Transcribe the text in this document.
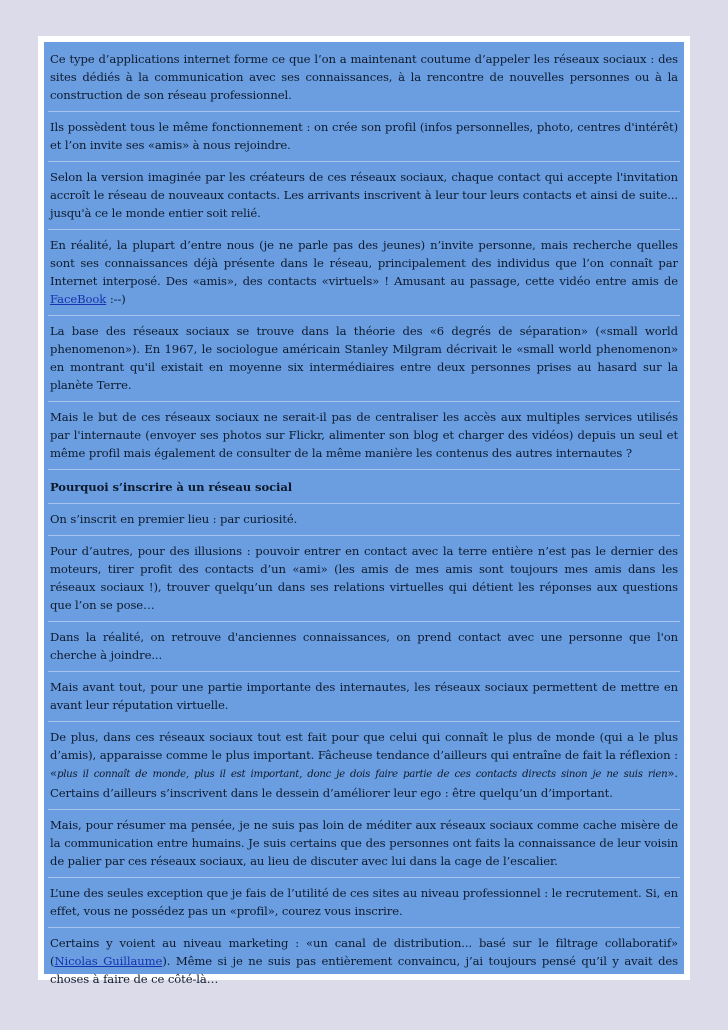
Ce type d’applications internet forme ce que l’on a maintenant coutume d’appeler les réseaux sociaux : des sites dédiés à la communication avec ses connaissances, à la rencontre de nouvelles personnes ou à la construction de son réseau professionnel.

Ils possèdent tous le même fonctionnement : on crée son profil (infos personnelles, photo, centres d'intérêt) et l’on invite ses «amis» à nous rejoindre.

Selon la version imaginée par les créateurs de ces réseaux sociaux, chaque contact qui accepte l'invitation accroît le réseau de nouveaux contacts. Les arrivants inscrivent à leur tour leurs contacts et ainsi de suite... jusqu'à ce le monde entier soit relié.

En réalité, la plupart d’entre nous (je ne parle pas des jeunes) n’invite personne, mais recherche quelles sont ses connaissances déjà présente dans le réseau, principalement des individus que l’on connaît par Internet interposé. Des «amis», des contacts «virtuels» ! Amusant au passage, cette vidéo entre amis de FaceBook :--)

La base des réseaux sociaux se trouve dans la théorie des «6 degrés de séparation» («small world phenomenon»). En 1967, le sociologue américain Stanley Milgram décrivait le «small world phenomenon» en montrant qu'il existait en moyenne six intermédiaires entre deux personnes prises au hasard sur la planète Terre.

Mais le but de ces réseaux sociaux ne serait-il pas de centraliser les accès aux multiples services utilisés par l'internaute (envoyer ses photos sur Flickr, alimenter son blog et charger des vidéos) depuis un seul et même profil mais également de consulter de la même manière les contenus des autres internautes ?

Pourquoi s’inscrire à un réseau social

On s’inscrit en premier lieu : par curiosité.

Pour d’autres, pour des illusions : pouvoir entrer en contact avec la terre entière n’est pas le dernier des moteurs, tirer profit des contacts d’un «ami» (les amis de mes amis sont toujours mes amis dans les réseaux sociaux !), trouver quelqu’un dans ses relations virtuelles qui détient les réponses aux questions que l’on se pose…

Dans la réalité, on retrouve d'anciennes connaissances, on prend contact avec une personne que l'on cherche à joindre...

Mais avant tout, pour une partie importante des internautes, les réseaux sociaux permettent de mettre en avant leur réputation virtuelle.

De plus, dans ces réseaux sociaux tout est fait pour que celui qui connaît le plus de monde (qui a le plus d’amis), apparaisse comme le plus important. Fâcheuse tendance d’ailleurs qui entraîne de fait la réflexion : «plus il connaît de monde, plus il est important, donc je dois faire partie de ces contacts directs sinon je ne suis rien». Certains d’ailleurs s’inscrivent dans le dessein d’améliorer leur ego : être quelqu’un d’important.

Mais, pour résumer ma pensée, je ne suis pas loin de méditer aux réseaux sociaux comme cache misère de la communication entre humains. Je suis certains que des personnes ont faits la connaissance de leur voisin de palier par ces réseaux sociaux, au lieu de discuter avec lui dans la cage de l’escalier.

L’une des seules exception que je fais de l’utilité de ces sites au niveau professionnel : le recrutement. Si, en effet, vous ne possédez pas un «profil», courez vous inscrire.

Certains y voient au niveau marketing : «un canal de distribution... basé sur le filtrage collaboratif» (Nicolas Guillaume). Même si je ne suis pas entièrement convaincu, j’ai toujours pensé qu’il y avait des choses à faire de ce côté-là…
